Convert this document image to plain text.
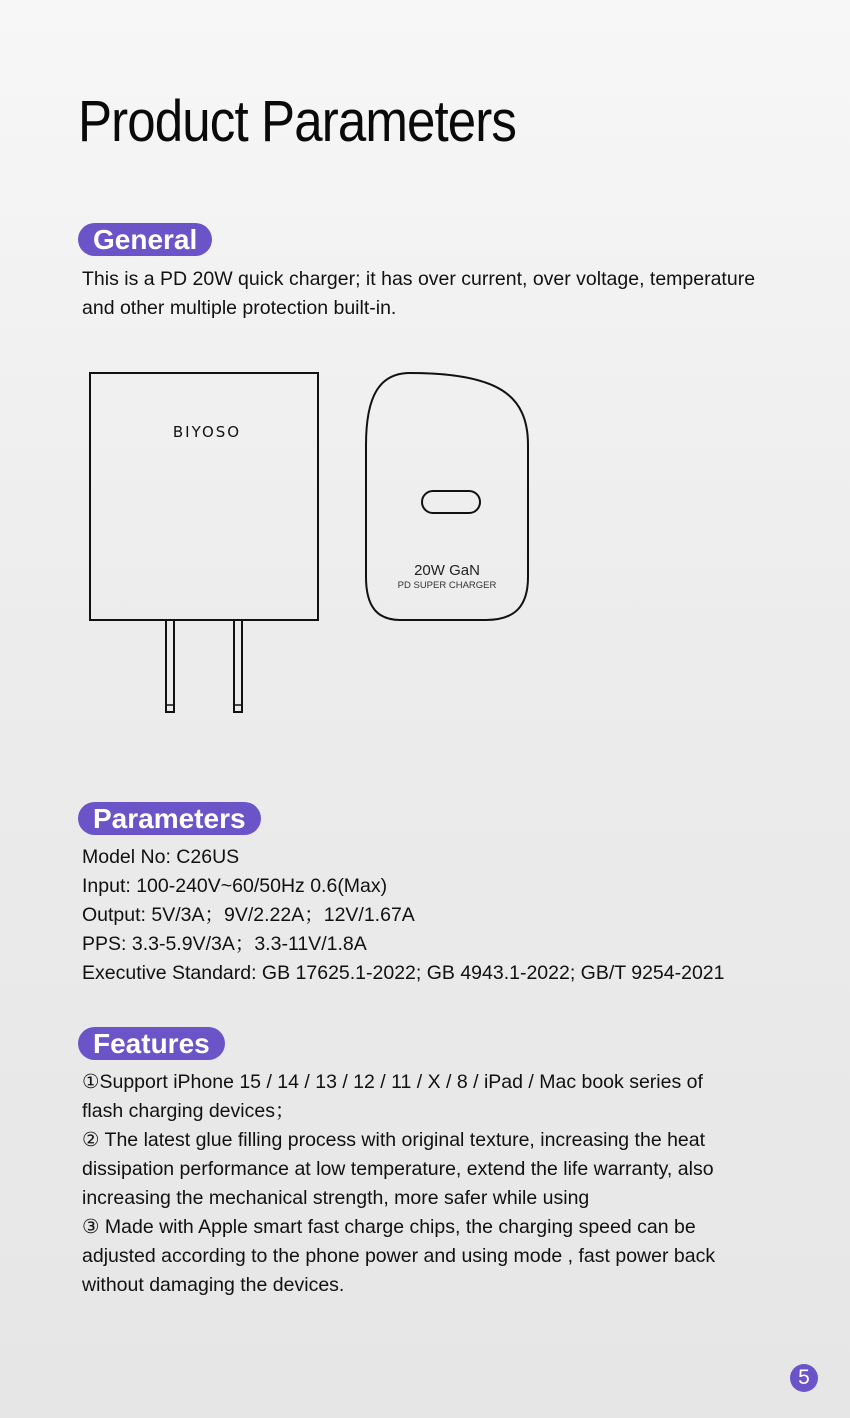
Product Parameters
General

This is a PD 20W quick charger; it has over current, over voltage, temperature

and other multiple protection built-in.

BIYOSO
20W GaN
PD SUPER CHARGER
Parameters

Model No: C26US

Input: 100-240V~60/50Hz 0.6(Max)

Output: 5V/3A；9V/2.22A；12V/1.67A

PPS: 3.3-5.9V/3A；3.3-11V/1.8A

Executive Standard: GB 17625.1-2022; GB 4943.1-2022; GB/T 9254-2021

Features

①Support iPhone 15 / 14 / 13 / 12 / 11 / X / 8 / iPad / Mac book series of

flash charging devices；

② The latest glue filling process with original texture, increasing the heat

dissipation performance at low temperature, extend the life warranty, also

increasing the mechanical strength, more safer while using

③ Made with Apple smart fast charge chips, the charging speed can be

adjusted according to the phone power and using mode , fast power back

without damaging the devices.

5
